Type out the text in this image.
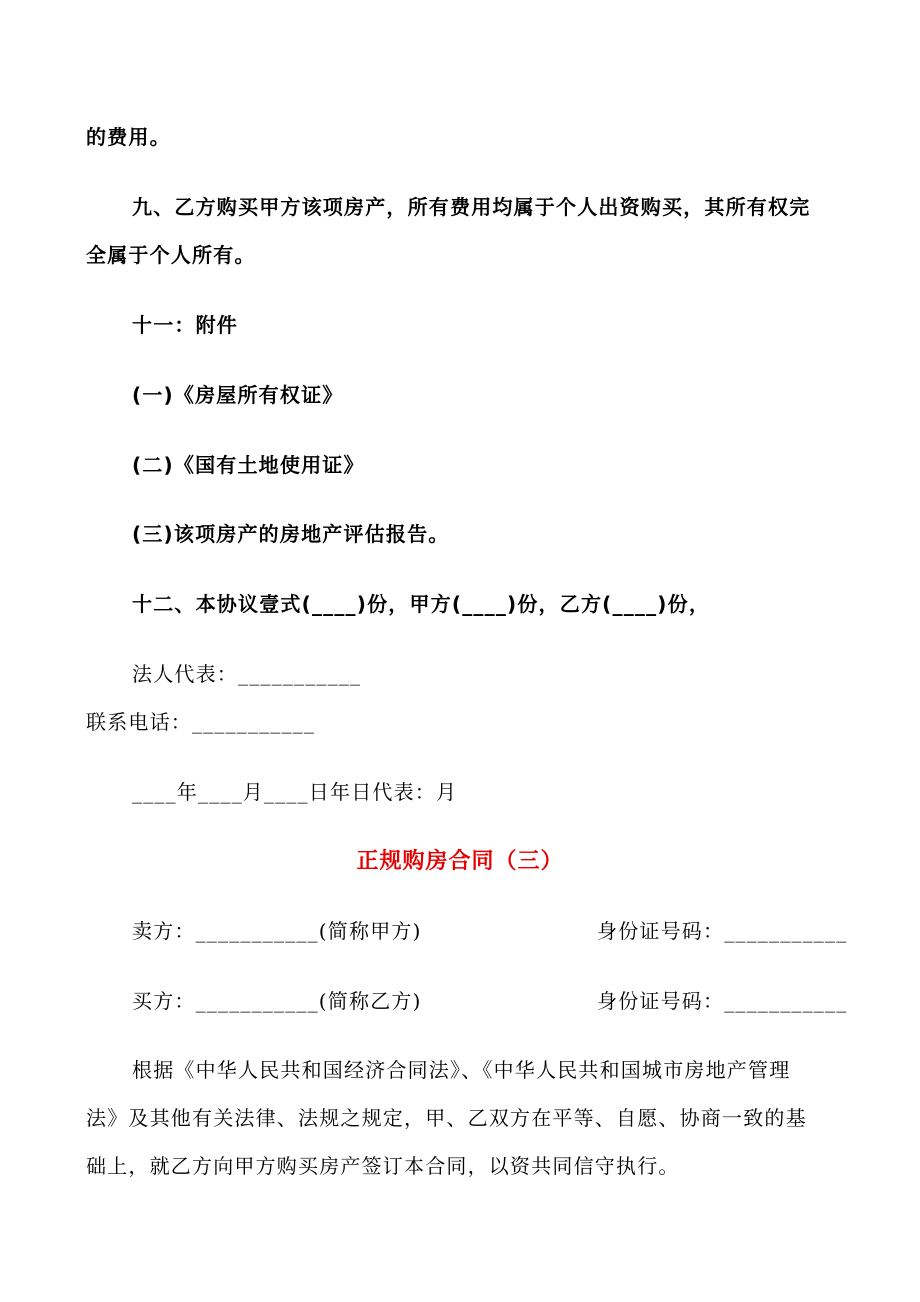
的费用。
九、乙方购买甲方该项房产，所有费用均属于个人出资购买，其所有权完
全属于个人所有。
十一：附件
(一)《房屋所有权证》
(二)《国有土地使用证》
(三)该项房产的房地产评估报告。
十二、本协议壹式(____)份，甲方(____)份，乙方(____)份，
法人代表：___________
联系电话：___________
____年____月____日年日代表：月
正规购房合同（三）
卖方：___________(简称甲方)	身份证号码：___________
买方：___________(简称乙方)	身份证号码：___________
根据《中华人民共和国经济合同法》、《中华人民共和国城市房地产管理
法》及其他有关法律、法规之规定，甲、乙双方在平等、自愿、协商一致的基
础上，就乙方向甲方购买房产签订本合同，以资共同信守执行。
